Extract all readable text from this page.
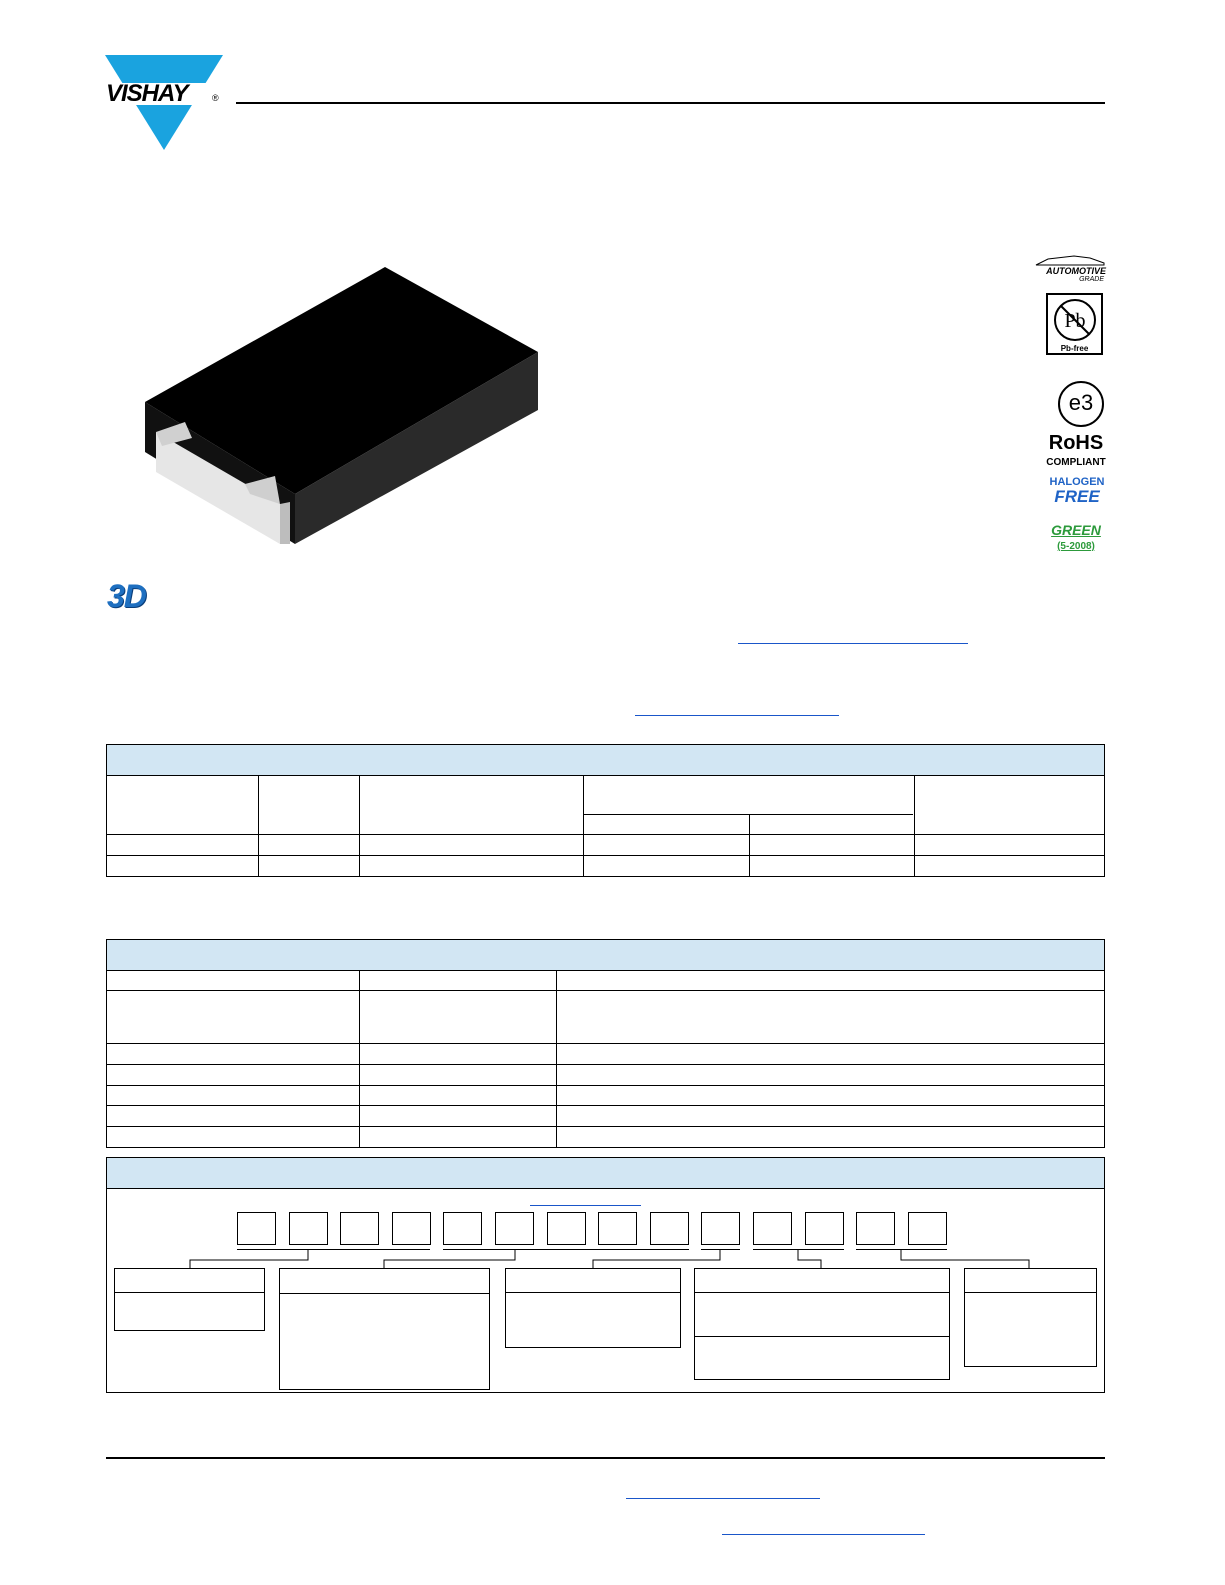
VISHAY	®
3D
AUTOMOTIVE
GRADE
Pb
Pb-free
e3
RoHS
COMPLIANT
HALOGEN
FREE
GREEN
(5-2008)
